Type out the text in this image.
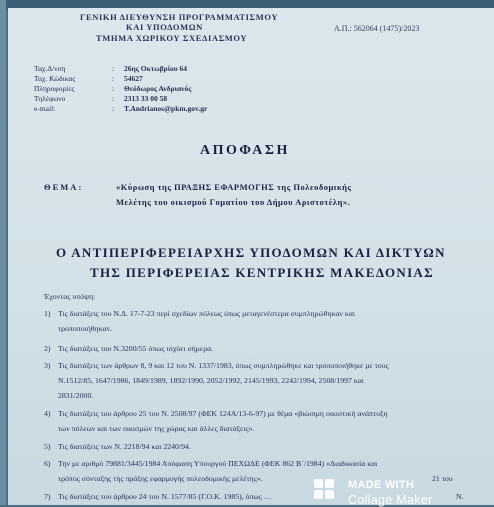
ΓΕΝΙΚΗ ΔΙΕΥΘΥΝΣΗ ΠΡΟΓΡΑΜΜΑΤΙΣΜΟΥ
ΚΑΙ ΥΠΟΔΟΜΩΝ
ΤΜΗΜΑ ΧΩΡΙΚΟΥ ΣΧΕΔΙΑΣΜΟΥ
Α.Π.: 562064 (1475)/2023
Ταχ.Δ/νση	: 26ης Οκτωβρίου 64
Ταχ. Κώδικας	: 54627
Πληροφορίες	: Θεόδωρος Ανδριανός
Τηλέφωνο	: 2313 33 00 58
e-mail:	: T.Andrianos@pkm.gov.gr
ΑΠΟΦΑΣΗ
ΘΕΜΑ:	«Κύρωση της ΠΡΑΞΗΣ ΕΦΑΡΜΟΓΗΣ της Πολεοδομικής
Μελέτης του οικισμού Γοματίου του Δήμου Αριστοτέλη».
Ο ΑΝΤΙΠΕΡΙΦΕΡΕΙΑΡΧΗΣ ΥΠΟΔΟΜΩΝ ΚΑΙ ΔΙΚΤΥΩΝ
ΤΗΣ ΠΕΡΙΦΕΡΕΙΑΣ ΚΕΝΤΡΙΚΗΣ ΜΑΚΕΔΟΝΙΑΣ
Έχοντας υπόψη:
1) Τις διατάξεις του Ν.Δ. 17-7-23 περί σχεδίων πόλεως όπως μεταγενέστερα συμπληρώθηκαν και
τροποποιήθηκαν.
2) Τις διατάξεις του Ν.3200/55 όπως ισχύει σήμερα.
3) Τις διατάξεις των άρθρων 8, 9 και 12 του Ν. 1337/1983, όπως συμπληρώθηκε και τροποποιήθηκε με τους
Ν.1512/85, 1647/1986, 1849/1989, 1892/1990, 2052/1992, 2145/1993, 2242/1994, 2508/1997 και
2831/2000.
4) Τις διατάξεις του άρθρου 25 του Ν. 2508/97 (ΦΕΚ 124Α/13-6-97) με θέμα «βιώσιμη οικιστική ανάπτυξη
των πόλεων και των οικισμών της χώρας και άλλες διατάξεις».
5) Τις διατάξεις των Ν. 2218/94 και 2240/94.
6) Την με αριθμό 79881/3445/1984 Απόφαση Υπουργού ΠΕΧΩΔΕ (ΦΕΚ 862 Β΄/1984) «Διαδικασία και
τρόπος σύνταξης της πράξης εφαρμογής πολεοδομικής μελέτης».	21 του
7) Τις διατάξεις του άρθρου 24 του Ν. 1577/85 (Γ.Ο.Κ. 1985), όπως …	Ν.
MADE WITH
Collage Maker
